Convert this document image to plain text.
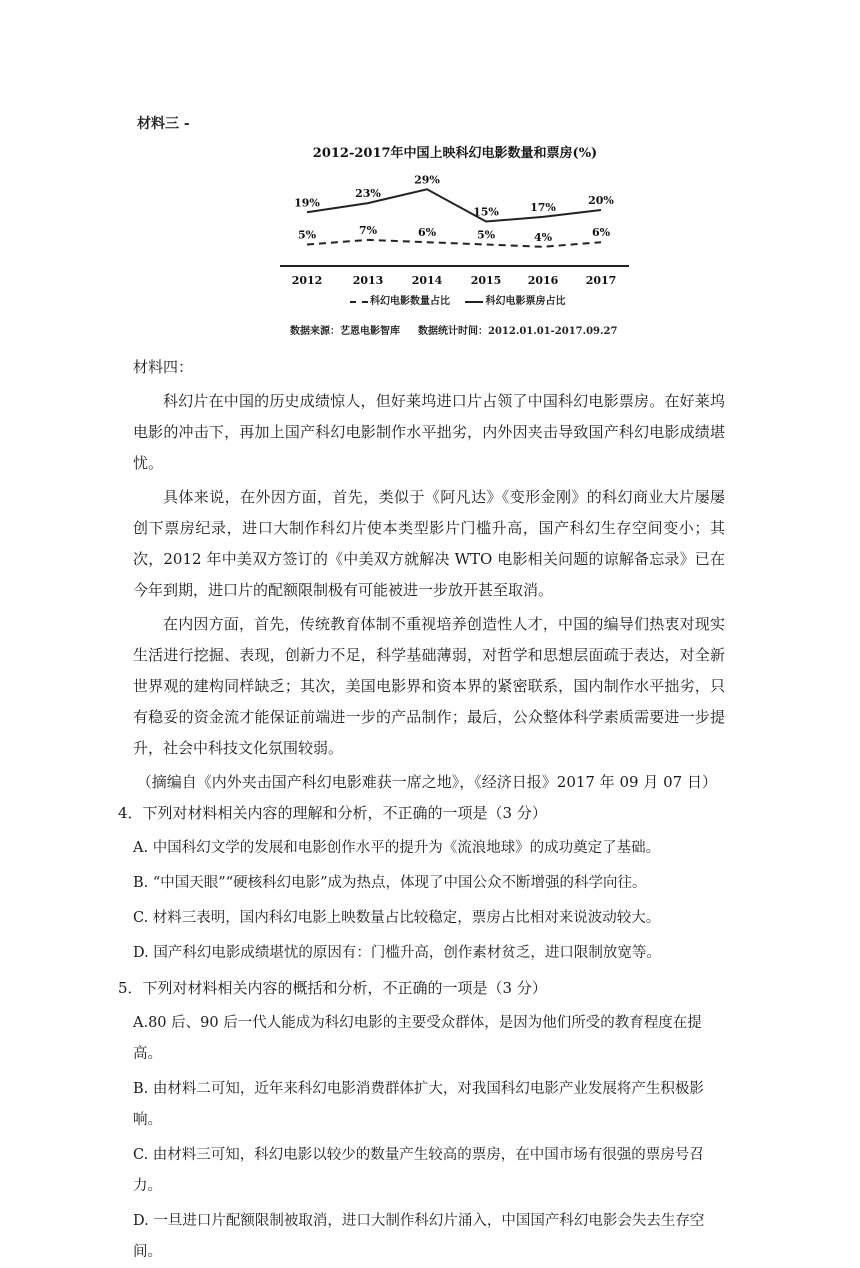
材料三 -
2012-2017年中国上映科幻电影数量和票房(%)
2012	2013	2014	2015 2016 2017
19%
23%
29%
15%	17%
20%
5%	7%	6%	5%	4%	6%
科幻电影数量占比	科幻电影票房占比
数据来源：艺恩电影智库 数据统计时间：2012.01.01-2017.09.27

材料四：

科幻片在中国的历史成绩惊人，但好莱坞进口片占领了中国科幻电影票房。在好莱坞电影的冲击下，再加上国产科幻电影制作水平拙劣，内外因夹击导致国产科幻电影成绩堪忧。

具体来说，在外因方面，首先，类似于《阿凡达》《变形金刚》的科幻商业大片屡屡创下票房纪录，进口大制作科幻片使本类型影片门槛升高，国产科幻生存空间变小；其次，2012 年中美双方签订的《中美双方就解决 WTO 电影相关问题的谅解备忘录》已在今年到期，进口片的配额限制极有可能被进一步放开甚至取消。

在内因方面，首先，传统教育体制不重视培养创造性人才，中国的编导们热衷对现实生活进行挖掘、表现，创新力不足，科学基础薄弱，对哲学和思想层面疏于表达，对全新世界观的建构同样缺乏；其次，美国电影界和资本界的紧密联系，国内制作水平拙劣，只有稳妥的资金流才能保证前端进一步的产品制作；最后，公众整体科学素质需要进一步提升，社会中科技文化氛围较弱。

（摘编自《内外夹击国产科幻电影难获一席之地》，《经济日报》2017 年 09 月 07 日）

4．下列对材料相关内容的理解和分析，不正确的一项是（3 分）

A. 中国科幻文学的发展和电影创作水平的提升为《流浪地球》的成功奠定了基础。

B. “中国天眼”“硬核科幻电影”成为热点，体现了中国公众不断增强的科学向往。

C. 材料三表明，国内科幻电影上映数量占比较稳定，票房占比相对来说波动较大。

D. 国产科幻电影成绩堪忧的原因有：门槛升高，创作素材贫乏，进口限制放宽等。

5．下列对材料相关内容的概括和分析，不正确的一项是（3 分）

A.80 后、90 后一代人能成为科幻电影的主要受众群体，是因为他们所受的教育程度在提高。

B. 由材料二可知，近年来科幻电影消费群体扩大，对我国科幻电影产业发展将产生积极影响。

C. 由材料三可知，科幻电影以较少的数量产生较高的票房，在中国市场有很强的票房号召力。

D. 一旦进口片配额限制被取消，进口大制作科幻片涌入，中国国产科幻电影会失去生存空间。
